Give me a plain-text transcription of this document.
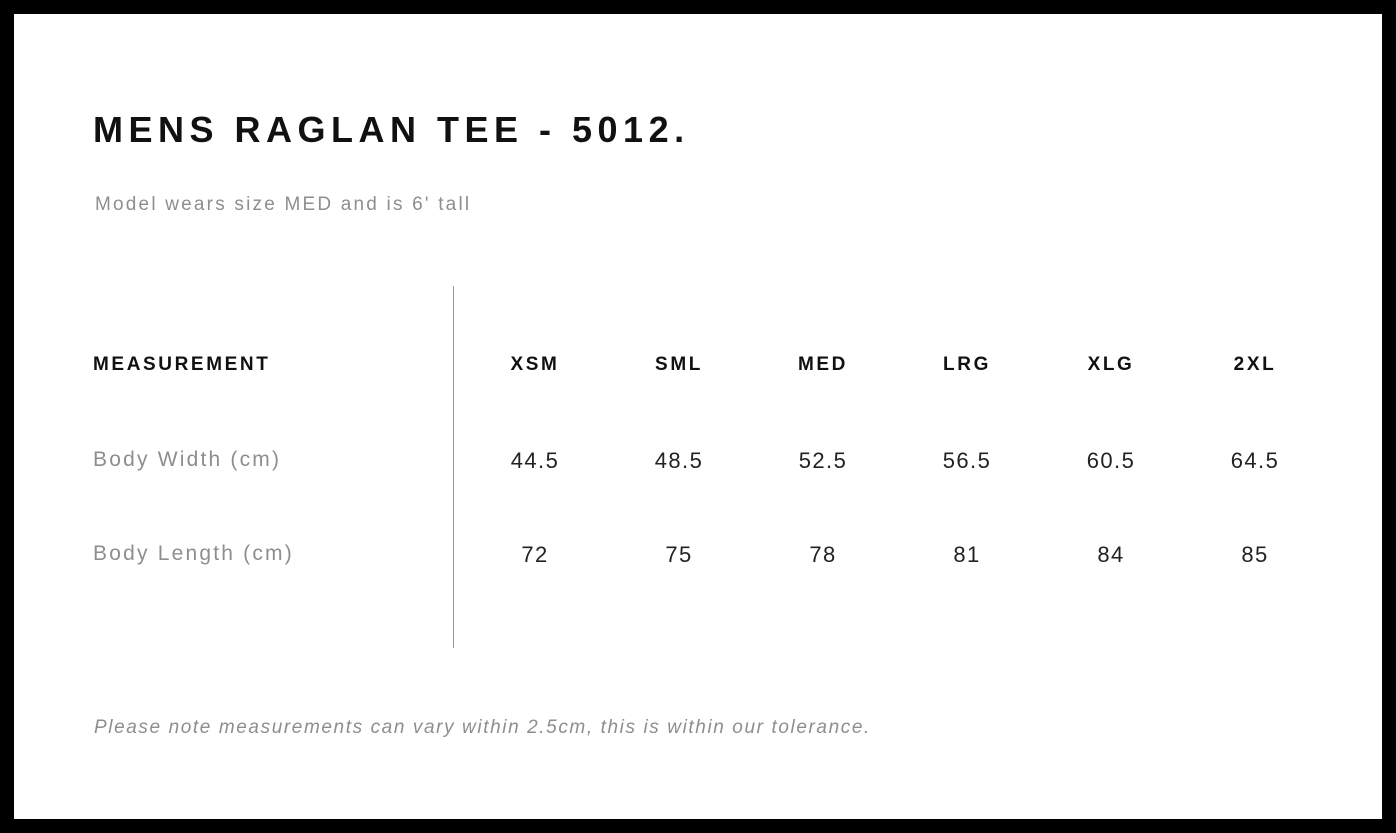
MENS RAGLAN TEE - 5012.
Model wears size MED and is 6' tall
MEASUREMENT	XSM	SML	MED	LRG	XLG	2XL
Body Width (cm)	44.5	48.5	52.5	56.5	60.5	64.5
Body Length (cm)	72	75	78	81	84	85
Please note measurements can vary within 2.5cm, this is within our tolerance.
